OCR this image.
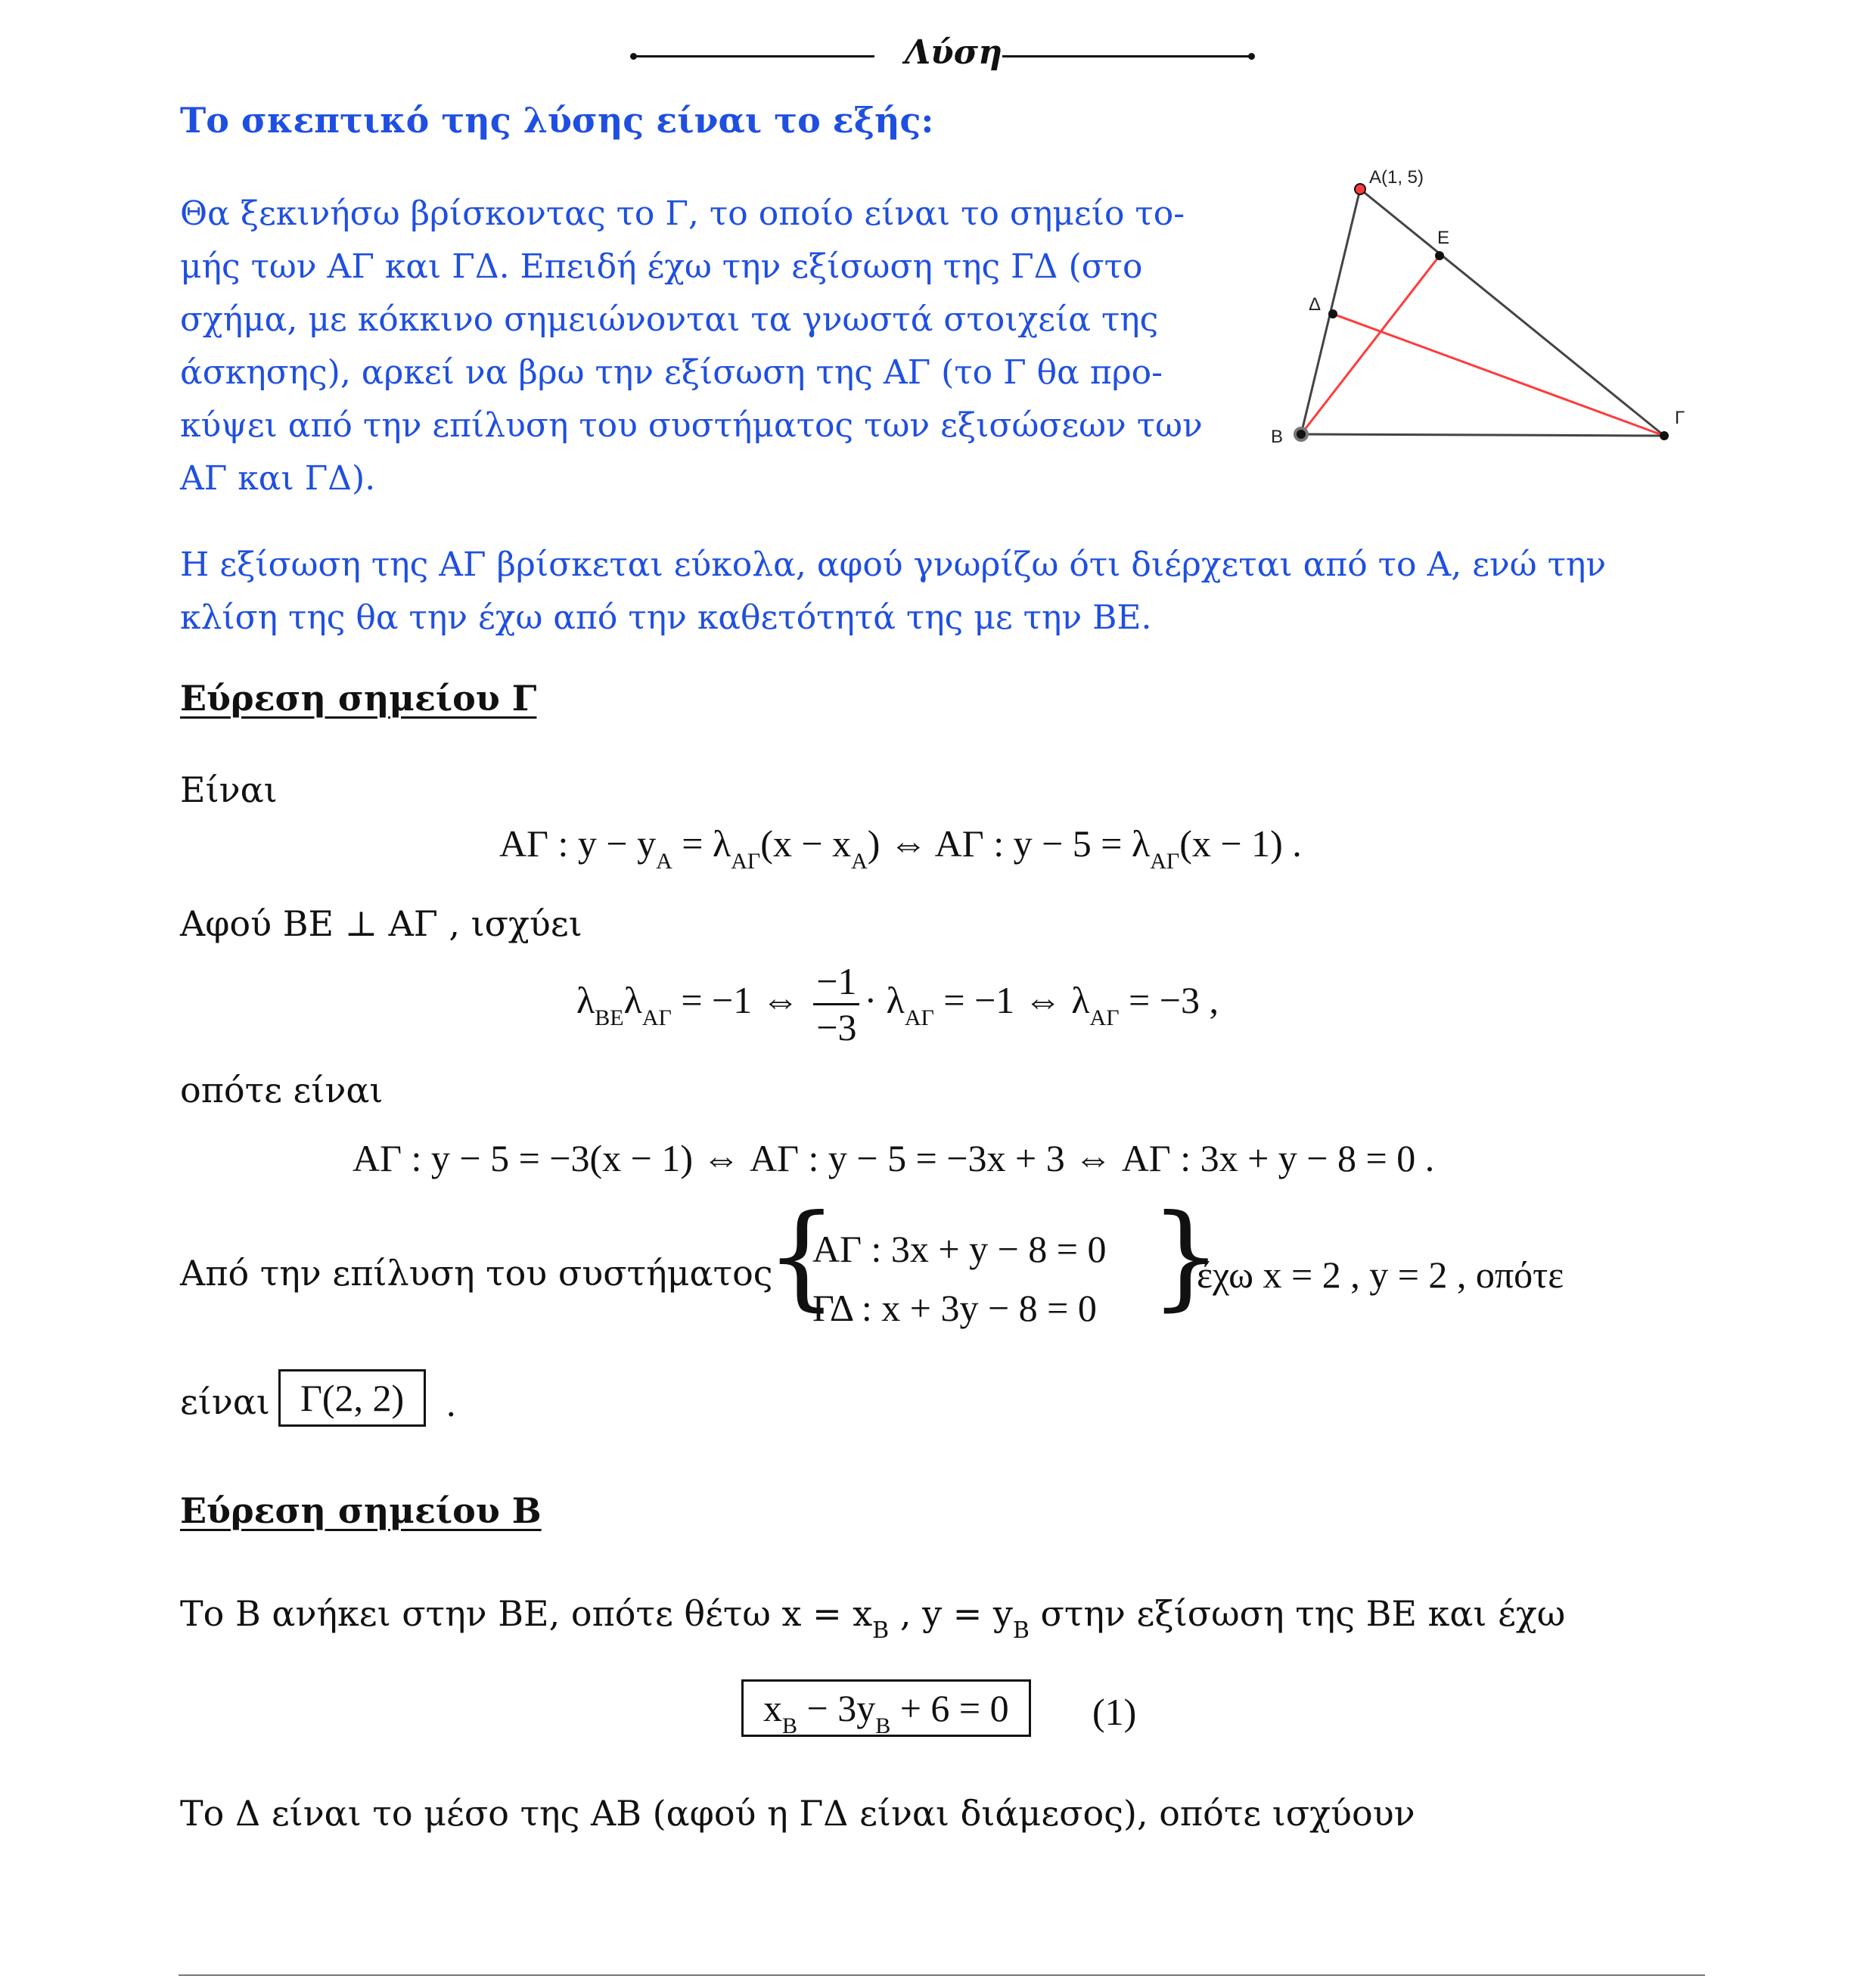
Λύση
Το σκεπτικό της λύσης είναι το εξής:
Θα ξεκινήσω βρίσκοντας το Γ, το οποίο είναι το σημείο το-
μής των ΑΓ και ΓΔ. Επειδή έχω την εξίσωση της ΓΔ (στο
σχήμα, με κόκκινο σημειώνονται τα γνωστά στοιχεία της
άσκησης), αρκεί να βρω την εξίσωση της ΑΓ (το Γ θα προ-
κύψει από την επίλυση του συστήματος των εξισώσεων των
ΑΓ και ΓΔ).
A(1, 5)
E
Δ
B
Γ
Η εξίσωση της ΑΓ βρίσκεται εύκολα, αφού γνωρίζω ότι διέρχεται από το Α, ενώ την
κλίση της θα την έχω από την καθετότητά της με την ΒΕ.
Εύρεση σημείου Γ
Είναι
ΑΓ : $y - y_A = \lambda_{A\Gamma}(x - x_A)$ ⇔ ΑΓ : $y - 5 = \lambda_{A\Gamma}(x - 1)$ .
Αφού ΒΕ ⊥ ΑΓ , ισχύει
$\lambda_{BE}\lambda_{A\Gamma} = -1$ ⇔ $\frac{-1}{-3} \cdot \lambda_{A\Gamma} = -1$ ⇔ $\lambda_{A\Gamma} = -3$ ,
οπότε είναι
ΑΓ : y − 5 = −3(x − 1) ⇔ ΑΓ : y − 5 = −3x + 3 ⇔ ΑΓ : 3x + y − 8 = 0 .
Από την επίλυση του συστήματος
{
ΑΓ : 3x + y − 8 = 0
ΓΔ : x + 3y − 8 = 0 }
έχω x = 2 , y = 2 , οπότε
είναι Γ(2, 2)	.
Εύρεση σημείου Β
Το Β ανήκει στην ΒΕ, οπότε θέτω $x = x_B$ , $y = y_B$ στην εξίσωση της ΒΕ και έχω
$x_B - 3y_B + 6 = 0$	(1)
Το Δ είναι το μέσο της ΑΒ (αφού η ΓΔ είναι διάμεσος), οπότε ισχύουν
